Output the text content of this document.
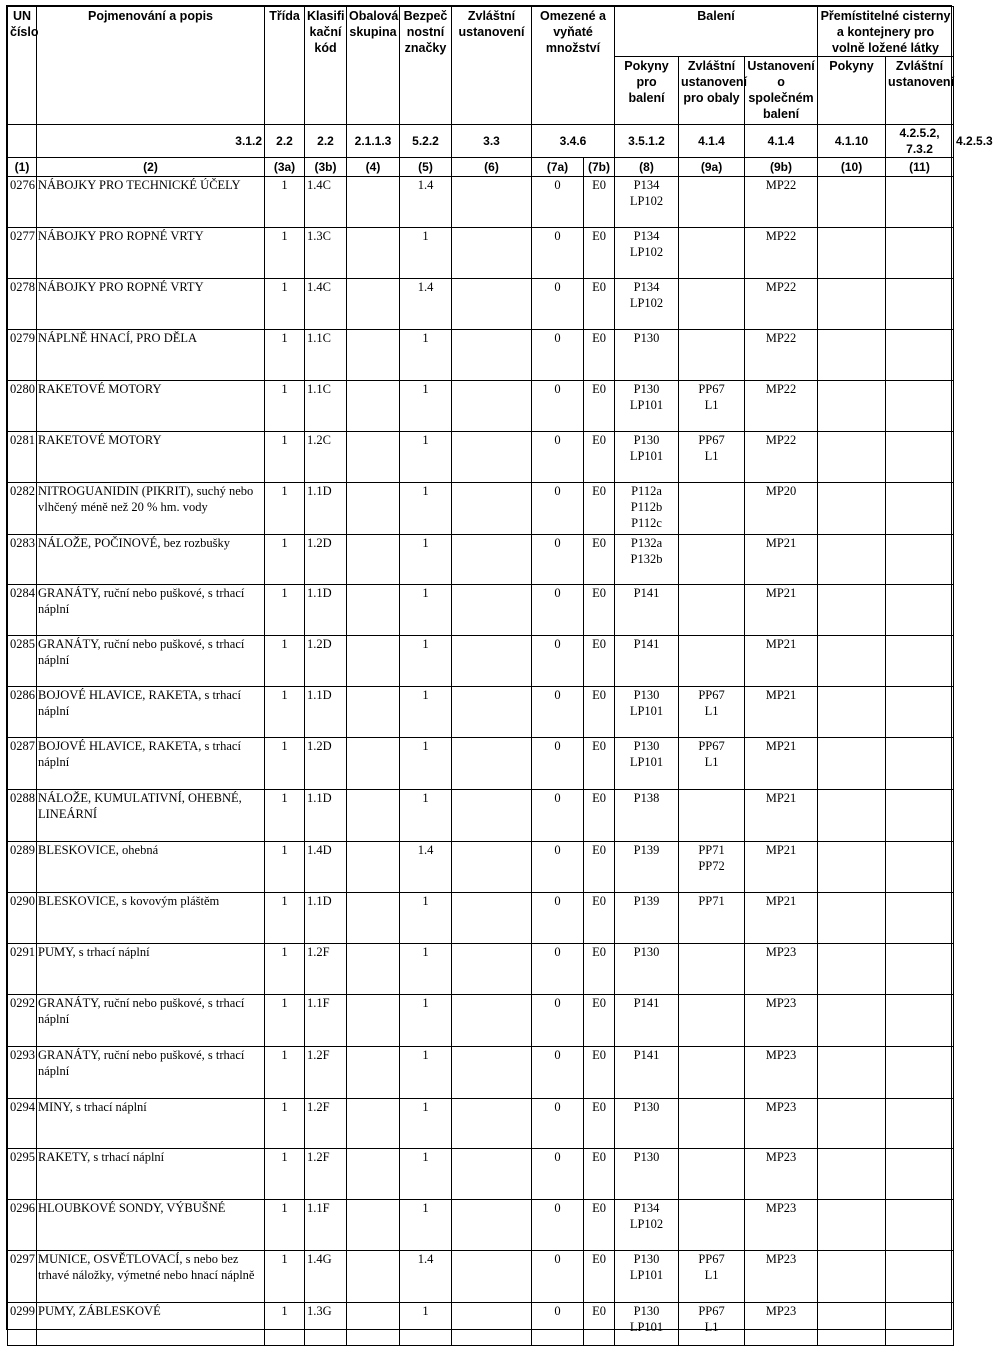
UN
číslo	Pojmenování a popis	Třída	Klasifi
kační
kód	Obalová
skupina	Bezpeč
nostní
značky	Zvláštní
ustanovení	Omezené a
vyňaté
množství		Balení			Přemístitelné cisterny a kontejnery pro volně ložené látky		
									Pokyny
pro
balení	Zvláštní
ustanovení
pro obaly	Ustanovení
o společném
balení	Pokyny	Zvláštní
ustanovení	
	3.1.2	2.2	2.2	2.1.1.3	5.2.2	3.3	3.4.6		3.5.1.2	4.1.4	4.1.4	4.1.10	4.2.5.2, 7.3.2	4.2.5.3
(1)	(2)	(3a)	(3b)	(4)	(5)	(6)	(7a)	(7b)	(8)	(9a)	(9b)	(10)	(11)	
0276	NÁBOJKY PRO TECHNICKÉ ÚČELY	1	1.4C		1.4		0	E0	P134
LP102		MP22			
0277	NÁBOJKY PRO ROPNÉ VRTY	1	1.3C		1		0	E0	P134
LP102		MP22			
0278	NÁBOJKY PRO ROPNÉ VRTY	1	1.4C		1.4		0	E0	P134
LP102		MP22			
0279	NÁPLNĚ HNACÍ, PRO DĚLA	1	1.1C		1		0	E0	P130		MP22			
0280	RAKETOVÉ MOTORY	1	1.1C		1		0	E0	P130
LP101	PP67
L1	MP22			
0281	RAKETOVÉ MOTORY	1	1.2C		1		0	E0	P130
LP101	PP67
L1	MP22			
0282	NITROGUANIDIN (PIKRIT), suchý nebo vlhčený méně než 20 % hm. vody	1	1.1D		1		0	E0	P112a
P112b
P112c		MP20			
0283	NÁLOŽE, POČINOVÉ, bez rozbušky	1	1.2D		1		0	E0	P132a
P132b		MP21			
0284	GRANÁTY, ruční nebo puškové, s trhací náplní	1	1.1D		1		0	E0	P141		MP21			
0285	GRANÁTY, ruční nebo puškové, s trhací náplní	1	1.2D		1		0	E0	P141		MP21			
0286	BOJOVÉ HLAVICE, RAKETA, s trhací náplní	1	1.1D		1		0	E0	P130
LP101	PP67
L1	MP21			
0287	BOJOVÉ HLAVICE, RAKETA, s trhací náplní	1	1.2D		1		0	E0	P130
LP101	PP67
L1	MP21			
0288	NÁLOŽE, KUMULATIVNÍ, OHEBNÉ, LINEÁRNÍ	1	1.1D		1		0	E0	P138		MP21			
0289	BLESKOVICE, ohebná	1	1.4D		1.4		0	E0	P139	PP71
PP72	MP21			
0290	BLESKOVICE, s kovovým pláštěm	1	1.1D		1		0	E0	P139	PP71	MP21			
0291	PUMY, s trhací náplní	1	1.2F		1		0	E0	P130		MP23			
0292	GRANÁTY, ruční nebo puškové, s trhací náplní	1	1.1F		1		0	E0	P141		MP23			
0293	GRANÁTY, ruční nebo puškové, s trhací náplní	1	1.2F		1		0	E0	P141		MP23			
0294	MINY, s trhací náplní	1	1.2F		1		0	E0	P130		MP23			
0295	RAKETY, s trhací náplní	1	1.2F		1		0	E0	P130		MP23			
0296	HLOUBKOVÉ SONDY, VÝBUŠNÉ	1	1.1F		1		0	E0	P134
LP102		MP23			
0297	MUNICE, OSVĚTLOVACÍ, s nebo bez trhavé náložky, výmetné nebo hnací náplně	1	1.4G		1.4		0	E0	P130
LP101	PP67
L1	MP23			
0299	PUMY, ZÁBLESKOVÉ	1	1.3G		1		0	E0	P130
LP101	PP67
L1	MP23			
